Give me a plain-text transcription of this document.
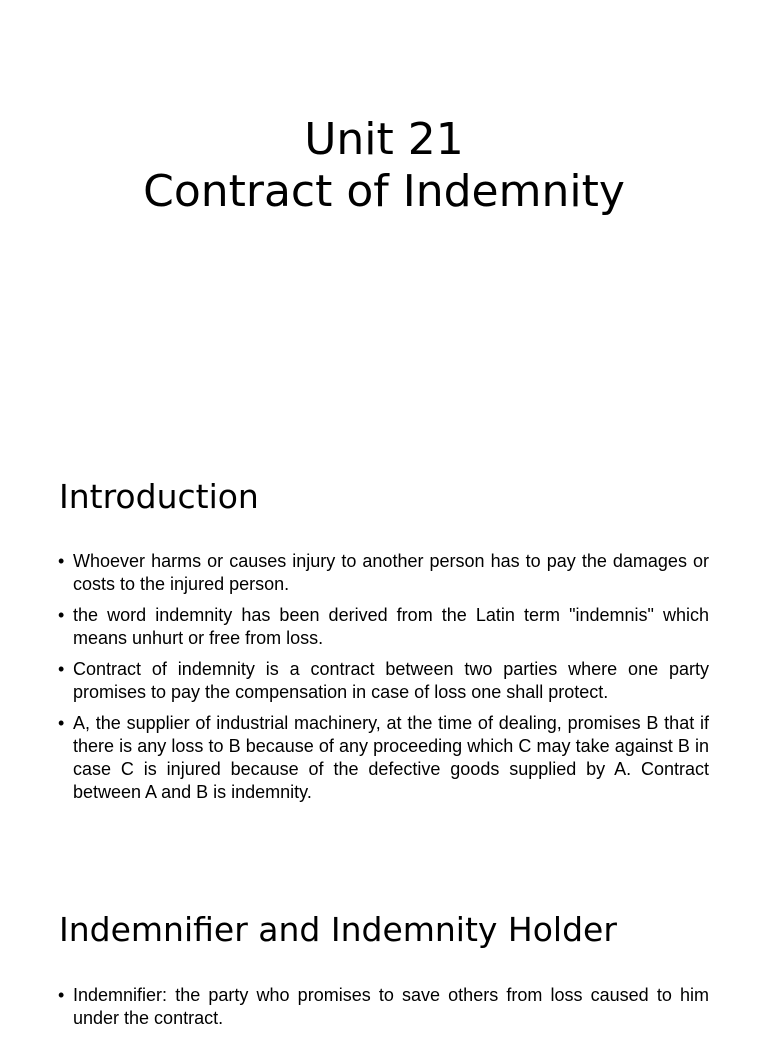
Unit 21
Contract of Indemnity
Introduction
• Whoever harms or causes injury to another person has to pay the damages or costs to the injured person.
• the word indemnity has been derived from the Latin term "indemnis" which means unhurt or free from loss.
• Contract of indemnity is a contract between two parties where one party promises to pay the compensation in case of loss one shall protect.
• A, the supplier of industrial machinery, at the time of dealing, promises B that if there is any loss to B because of any proceeding which C may take against B in case C is injured because of the defective goods supplied by A. Contract between A and B is indemnity.
Indemnifier and Indemnity Holder
• Indemnifier: the party who promises to save others from loss caused to him under the contract.
